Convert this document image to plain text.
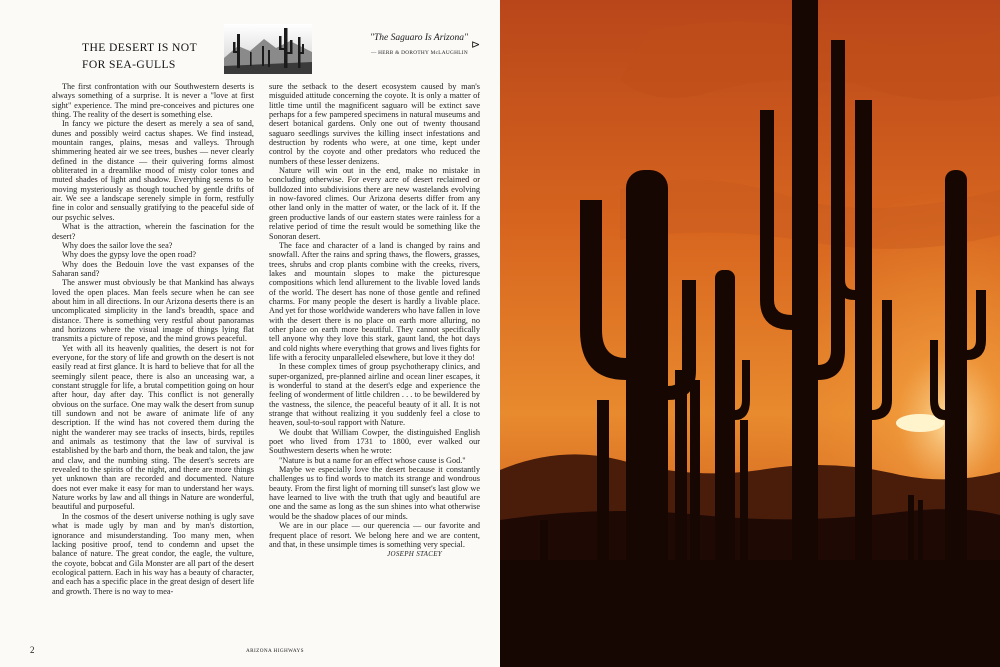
THE DESERT IS NOT
FOR SEA-GULLS
"The Saguaro Is Arizona"
— HERB & DOROTHY McLAUGHLIN
⊳

The first confrontation with our Southwestern deserts is always something of a surprise. It is never a "love at first sight" experience. The mind pre-conceives and pictures one thing. The reality of the desert is something else.

In fancy we picture the desert as merely a sea of sand, dunes and possibly weird cactus shapes. We find instead, mountain ranges, plains, mesas and valleys. Through shimmering heated air we see trees, bushes — never clearly defined in the distance — their quivering forms almost obliterated in a dreamlike mood of misty color tones and muted shades of light and shadow. Everything seems to be moving mysteriously as though touched by gentle drifts of air. We see a landscape serenely simple in form, restfully fine in color and sensually gratifying to the peaceful side of our psychic selves.

What is the attraction, wherein the fascination for the desert?

Why does the sailor love the sea?

Why does the gypsy love the open road?

Why does the Bedouin love the vast expanses of the Saharan sand?

The answer must obviously be that Mankind has always loved the open places. Man feels secure when he can see about him in all directions. In our Arizona deserts there is an uncomplicated simplicity in the land's breadth, space and distance. There is something very restful about panoramas and horizons where the visual image of things lying flat transmits a picture of repose, and the mind grows peaceful.

Yet with all its heavenly qualities, the desert is not for everyone, for the story of life and growth on the desert is not easily read at first glance. It is hard to believe that for all the seemingly silent peace, there is also an unceasing war, a constant struggle for life, a brutal competition going on hour after hour, day after day. This conflict is not generally obvious on the surface. One may walk the desert from sunup till sundown and not be aware of animate life of any description. If the wind has not covered them during the night the wanderer may see tracks of insects, birds, reptiles and animals as testimony that the law of survival is established by the barb and thorn, the beak and talon, the jaw and claw, and the numbing sting. The desert's secrets are revealed to the spirits of the night, and there are more things yet unknown than are recorded and documented. Nature does not ever make it easy for man to understand her ways. Nature works by law and all things in Nature are wonderful, beautiful and purposeful.

In the cosmos of the desert universe nothing is ugly save what is made ugly by man and by man's distortion, ignorance and misunderstanding. Too many men, when lacking positive proof, tend to condemn and upset the balance of nature. The great condor, the eagle, the vulture, the coyote, bobcat and Gila Monster are all part of the desert ecological pattern. Each in his way has a beauty of character, and each has a specific place in the great design of desert life and growth. There is no way to mea-

sure the setback to the desert ecosystem caused by man's misguided attitude concerning the coyote. It is only a matter of little time until the magnificent saguaro will be extinct save perhaps for a few pampered specimens in natural museums and desert botanical gardens. Only one out of twenty thousand saguaro seedlings survives the killing insect infestations and destruction by rodents who were, at one time, kept under control by the coyote and other predators who reduced the numbers of these lesser denizens.

Nature will win out in the end, make no mistake in concluding otherwise. For every acre of desert reclaimed or bulldozed into subdivisions there are new wastelands evolving in now-favored climes. Our Arizona deserts differ from any other land only in the matter of water, or the lack of it. If the green productive lands of our eastern states were rainless for a relative period of time the result would be something like the Sonoran desert.

The face and character of a land is changed by rains and snowfall. After the rains and spring thaws, the flowers, grasses, trees, shrubs and crop plants combine with the creeks, rivers, lakes and mountain slopes to make the picturesque compositions which lend allurement to the livable loved lands of the world. The desert has none of those gentle and refined charms. For many people the desert is hardly a livable place. And yet for those worldwide wanderers who have fallen in love with the desert there is no place on earth more alluring, no other place on earth more beautiful. They cannot specifically tell anyone why they love this stark, gaunt land, the hot days and cold nights where everything that grows and lives fights for life with a ferocity unparalleled elsewhere, but love it they do!

In these complex times of group psychotherapy clinics, and super-organized, pre-planned airline and ocean liner escapes, it is wonderful to stand at the desert's edge and experience the feeling of wonderment of little children . . . to be bewildered by the vastness, the silence, the peaceful beauty of it all. It is not strange that without realizing it you suddenly feel a close to heaven, soul-to-soul rapport with Nature.

We doubt that William Cowper, the distinguished English poet who lived from 1731 to 1800, ever walked our Southwestern deserts when he wrote:

"Nature is but a name for an effect whose cause is God."

Maybe we especially love the desert because it constantly challenges us to find words to match its strange and wondrous beauty. From the first light of morning till sunset's last glow we have learned to live with the truth that ugly and beautiful are one and the same as long as the sun shines into what otherwise would be the shadow places of our minds.

We are in our place — our querencia — our favorite and frequent place of resort. We belong here and we are content, and that, in these unsimple times is something very special.

JOSEPH STACEY
2	ARIZONA HIGHWAYS
